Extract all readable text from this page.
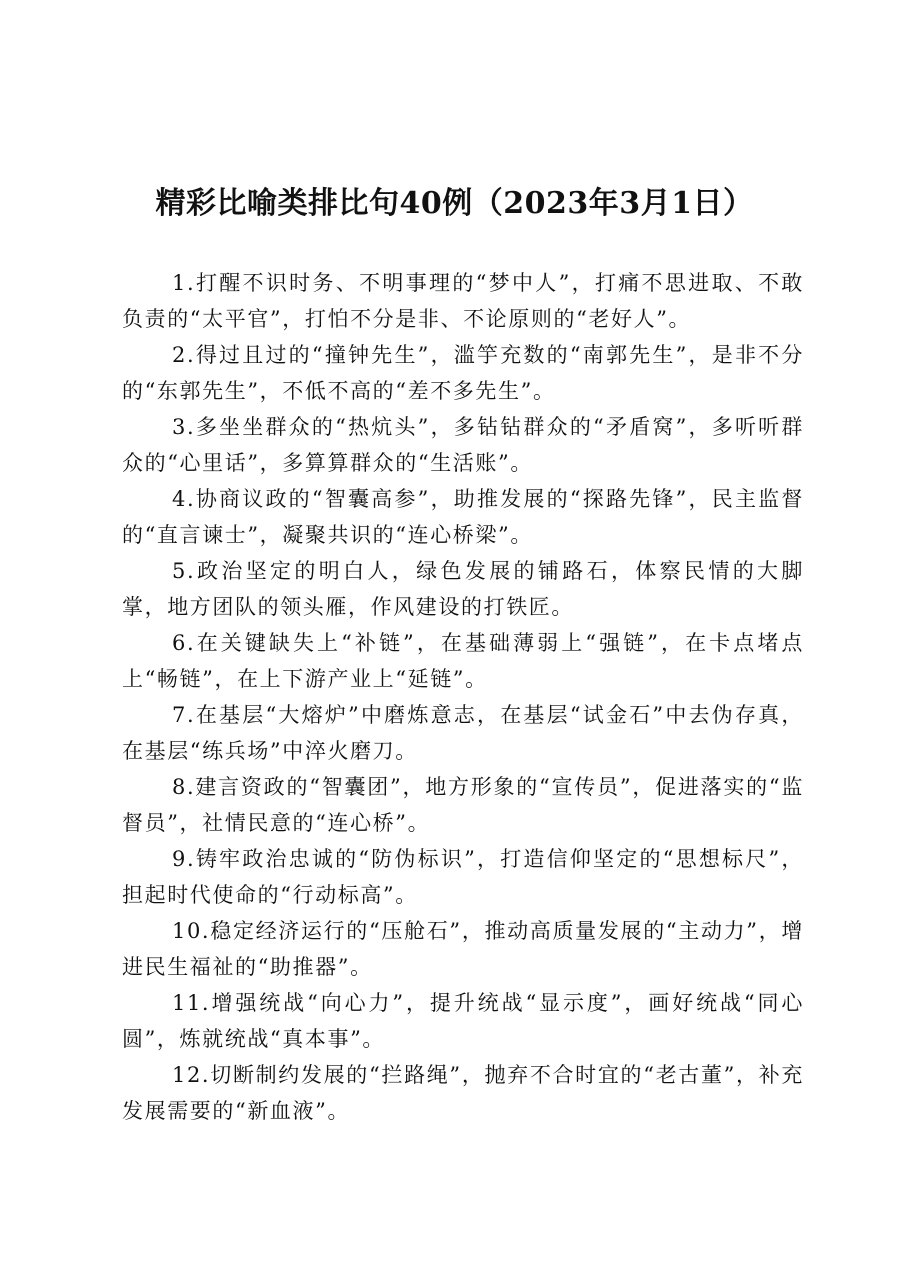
精彩比喻类排比句40例（2023年3月1日）

1.打醒不识时务、不明事理的“梦中人”，打痛不思进取、不敢负责的“太平官”，打怕不分是非、不论原则的“老好人”。

2.得过且过的“撞钟先生”，滥竽充数的“南郭先生”，是非不分的“东郭先生”，不低不高的“差不多先生”。

3.多坐坐群众的“热炕头”，多钻钻群众的“矛盾窝”，多听听群众的“心里话”，多算算群众的“生活账”。

4.协商议政的“智囊高参”，助推发展的“探路先锋”，民主监督的“直言谏士”，凝聚共识的“连心桥梁”。

5.政治坚定的明白人，绿色发展的铺路石，体察民情的大脚掌，地方团队的领头雁，作风建设的打铁匠。

6.在关键缺失上“补链”，在基础薄弱上“强链”，在卡点堵点上“畅链”，在上下游产业上“延链”。

7.在基层“大熔炉”中磨炼意志，在基层“试金石”中去伪存真，在基层“练兵场”中淬火磨刀。

8.建言资政的“智囊团”，地方形象的“宣传员”，促进落实的“监督员”，社情民意的“连心桥”。

9.铸牢政治忠诚的“防伪标识”，打造信仰坚定的“思想标尺”，担起时代使命的“行动标高”。

10.稳定经济运行的“压舱石”，推动高质量发展的“主动力”，增进民生福祉的“助推器”。

11.增强统战“向心力”，提升统战“显示度”，画好统战“同心圆”，炼就统战“真本事”。

12.切断制约发展的“拦路绳”，抛弃不合时宜的“老古董”，补充发展需要的“新血液”。
